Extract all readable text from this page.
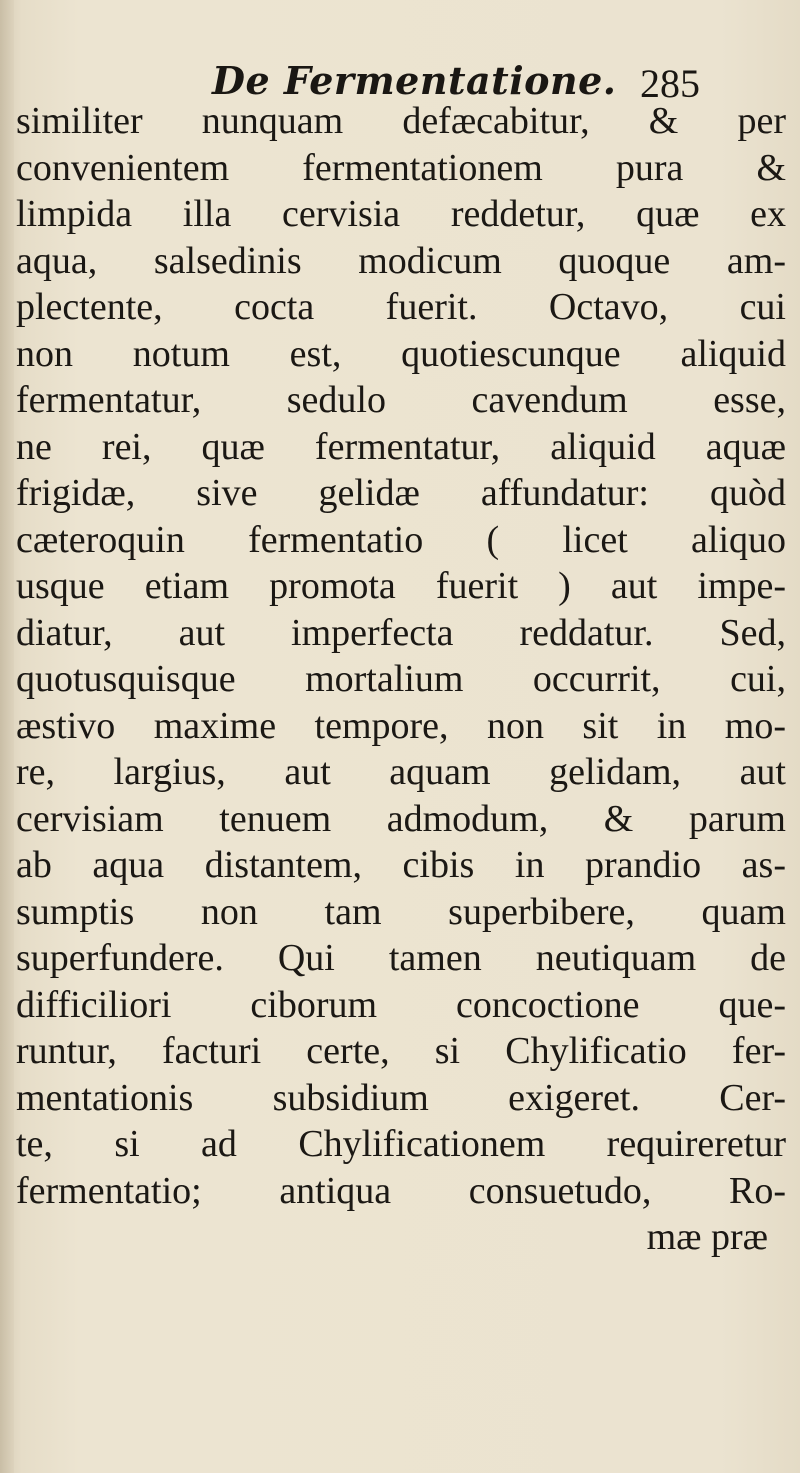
De Fermentatione. 285
similiter nunquam defæcabitur, & per
convenientem fermentationem pura &
limpida illa cervisia reddetur, quæ ex
aqua, salsedinis modicum quoque am-
plectente, cocta fuerit. Octavo, cui
non notum est, quotiescunque aliquid
fermentatur, sedulo cavendum esse,
ne rei, quæ fermentatur, aliquid aquæ
frigidæ, sive gelidæ affundatur: quòd
cæteroquin fermentatio ( licet aliquo
usque etiam promota fuerit ) aut impe-
diatur, aut imperfecta reddatur. Sed,
quotusquisque mortalium occurrit, cui,
æstivo maxime tempore, non sit in mo-
re, largius, aut aquam gelidam, aut
cervisiam tenuem admodum, & parum
ab aqua distantem, cibis in prandio as-
sumptis non tam superbibere, quam
superfundere. Qui tamen neutiquam de
difficiliori ciborum concoctione que-
runtur, facturi certe, si Chylificatio fer-
mentationis subsidium exigeret. Cer-
te, si ad Chylificationem requireretur
fermentatio; antiqua consuetudo, Ro-
mæ præ
